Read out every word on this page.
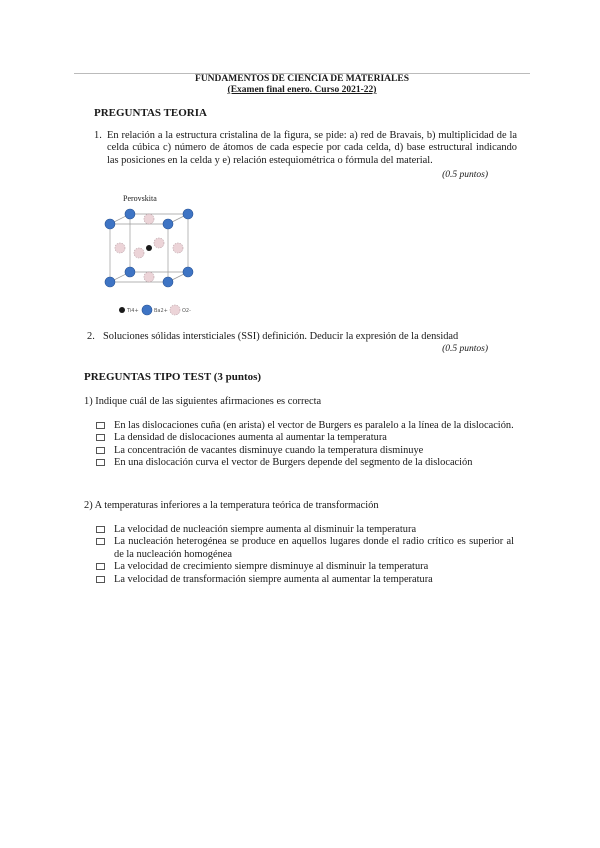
FUNDAMENTOS DE CIENCIA DE MATERIALES
(Examen final enero. Curso 2021-22)
PREGUNTAS TEORIA
1. En relación a la estructura cristalina de la figura, se pide: a) red de Bravais, b) multiplicidad de la celda cúbica c) número de átomos de cada especie por cada celda, d) base estructural indicando las posiciones en la celda y e) relación estequiométrica o fórmula del material.
(0.5 puntos)
Ti4+	Ba2+	O2-
Perovskita
2. Soluciones sólidas intersticiales (SSI) definición. Deducir la expresión de la densidad
(0.5 puntos)
PREGUNTAS TIPO TEST (3 puntos)
1) Indique cuál de las siguientes afirmaciones es correcta
En las dislocaciones cuña (en arista) el vector de Burgers es paralelo a la línea de la dislocación.
La densidad de dislocaciones aumenta al aumentar la temperatura
La concentración de vacantes disminuye cuando la temperatura disminuye
En una dislocación curva el vector de Burgers depende del segmento de la dislocación
2) A temperaturas inferiores a la temperatura teórica de transformación
La velocidad de nucleación siempre aumenta al disminuir la temperatura
La nucleación heterogénea se produce en aquellos lugares donde el radio crítico es superior al de la nucleación homogénea
La velocidad de crecimiento siempre disminuye al disminuir la temperatura
La velocidad de transformación siempre aumenta al aumentar la temperatura
